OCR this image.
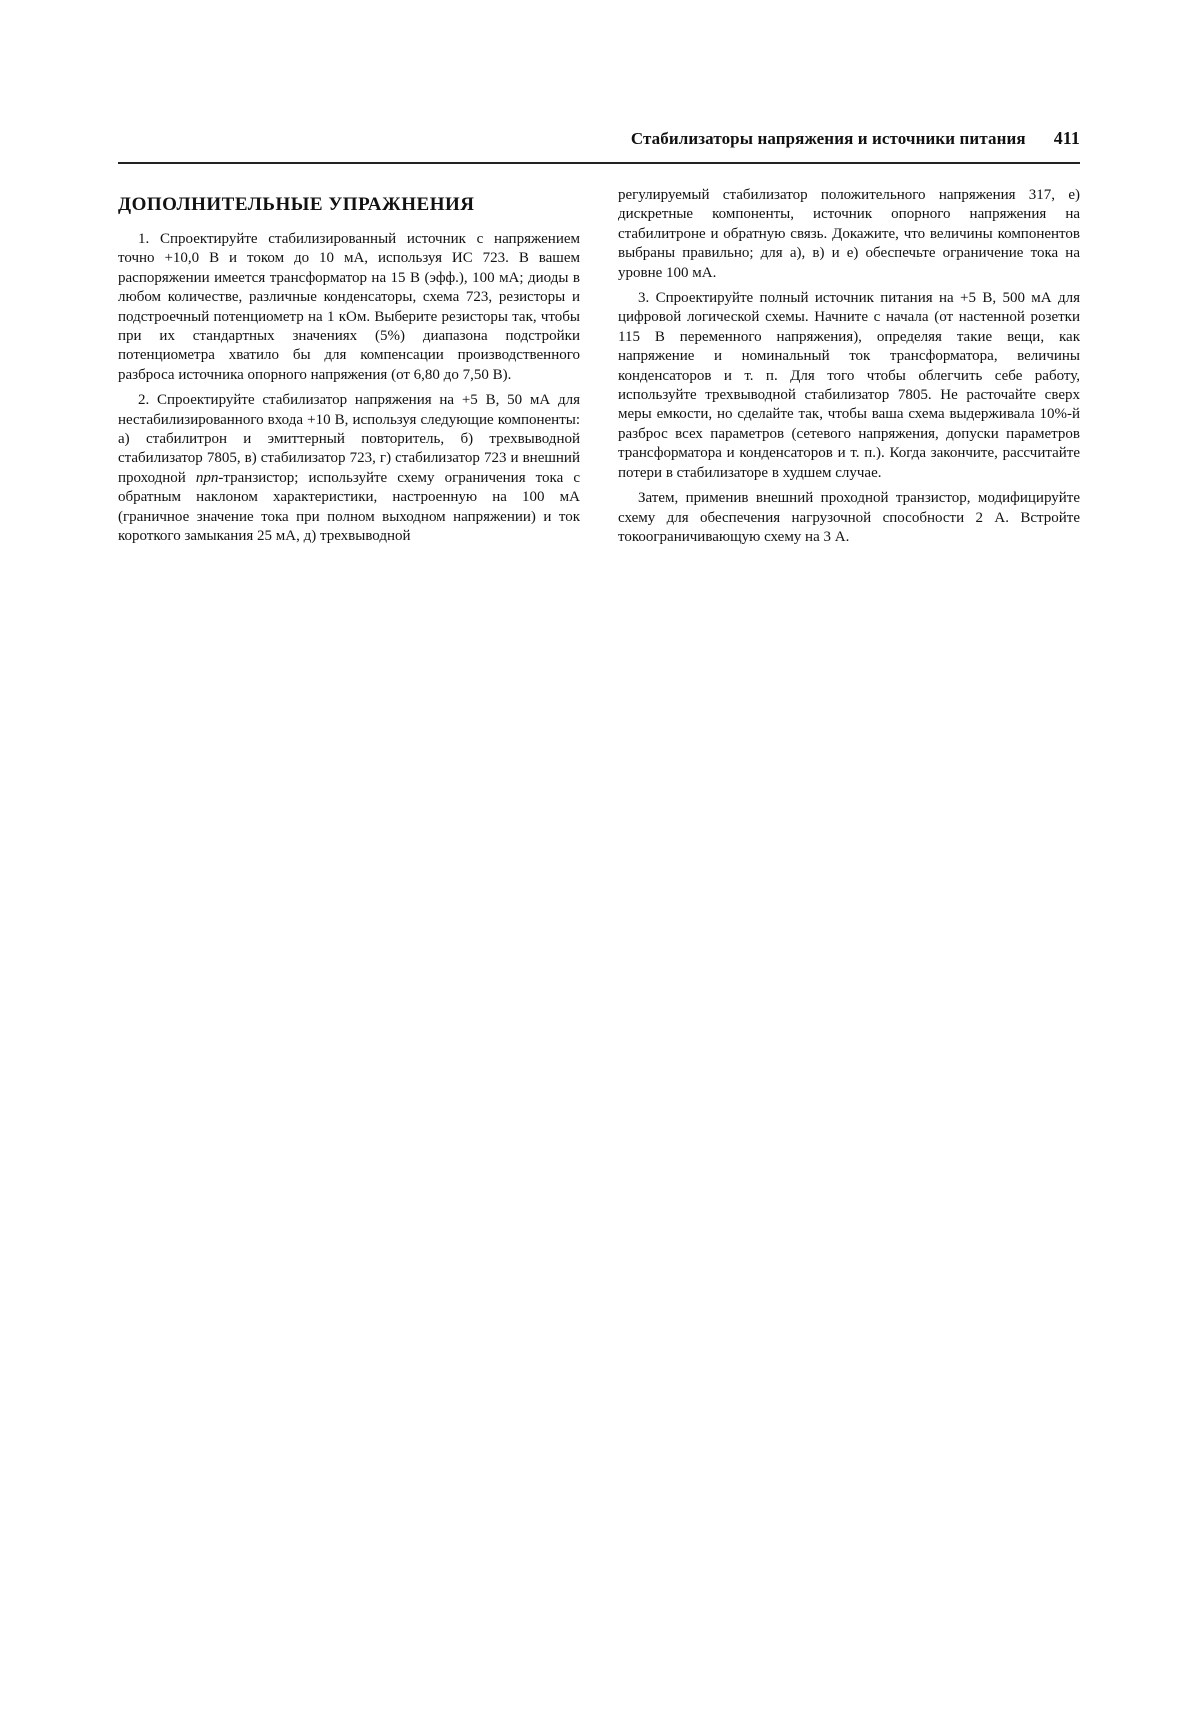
Стабилизаторы напряжения и источники питания 411
ДОПОЛНИТЕЛЬНЫЕ УПРАЖНЕНИЯ

1. Спроектируйте стабилизированный источник с напряжением точно +10,0 В и током до 10 мА, используя ИС 723. В вашем распоряжении имеется трансформатор на 15 В (эфф.), 100 мА; диоды в любом количестве, различные конденсаторы, схема 723, резисторы и подстроечный потенциометр на 1 кОм. Выберите резисторы так, чтобы при их стандартных значениях (5%) диапазона подстройки потенциометра хватило бы для компенсации производственного разброса источника опорного напряжения (от 6,80 до 7,50 В).

2. Спроектируйте стабилизатор напряжения на +5 В, 50 мА для нестабилизированного входа +10 В, используя следующие компоненты: а) стабилитрон и эмиттерный повторитель, б) трехвыводной стабилизатор 7805, в) стабилизатор 723, г) стабилизатор 723 и внешний проходной npn-транзистор; используйте схему ограничения тока с обратным наклоном характеристики, настроенную на 100 мА (граничное значение тока при полном выходном напряжении) и ток короткого замыкания 25 мА, д) трехвыводной

регулируемый стабилизатор положительного напряжения 317, е) дискретные компоненты, источник опорного напряжения на стабилитроне и обратную связь. Докажите, что величины компонентов выбраны правильно; для а), в) и е) обеспечьте ограничение тока на уровне 100 мА.

3. Спроектируйте полный источник питания на +5 В, 500 мА для цифровой логической схемы. Начните с начала (от настенной розетки 115 В переменного напряжения), определяя такие вещи, как напряжение и номинальный ток трансформатора, величины конденсаторов и т. п. Для того чтобы облегчить себе работу, используйте трехвыводной стабилизатор 7805. Не расточайте сверх меры емкости, но сделайте так, чтобы ваша схема выдерживала 10%-й разброс всех параметров (сетевого напряжения, допуски параметров трансформатора и конденсаторов и т. п.). Когда закончите, рассчитайте потери в стабилизаторе в худшем случае.

Затем, применив внешний проходной транзистор, модифицируйте схему для обеспечения нагрузочной способности 2 А. Встройте токоограничивающую схему на 3 А.
